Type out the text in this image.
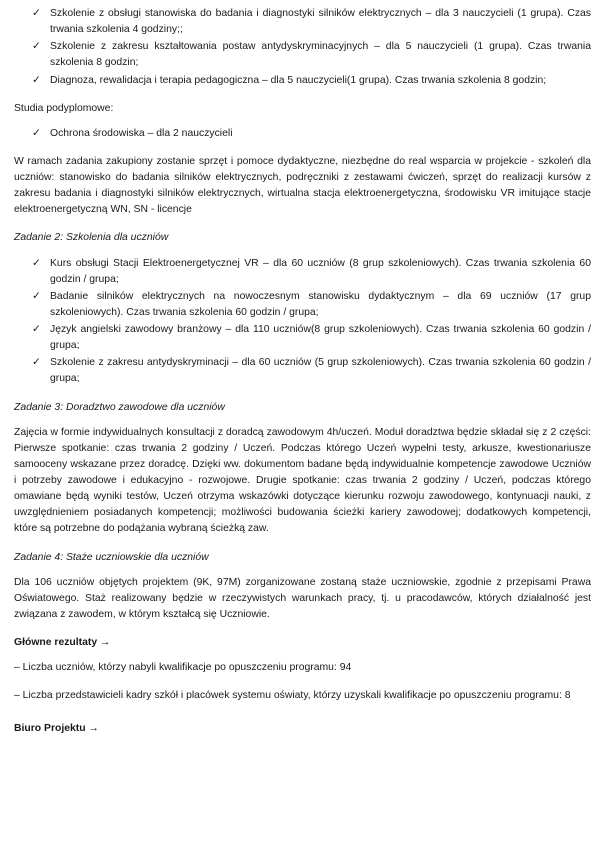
✓ Szkolenie z obsługi stanowiska do badania i diagnostyki silników elektrycznych – dla 3 nauczycieli (1 grupa). Czas trwania szkolenia 4 godziny;;
✓ Szkolenie z zakresu kształtowania postaw antydyskryminacyjnych – dla 5 nauczycieli (1 grupa). Czas trwania szkolenia 8 godzin;
✓ Diagnoza, rewalidacja i terapia pedagogiczna – dla 5 nauczycieli(1 grupa). Czas trwania szkolenia 8 godzin;

Studia podyplomowe:

✓ Ochrona środowiska – dla 2 nauczycieli

W ramach zadania zakupiony zostanie sprzęt i pomoce dydaktyczne, niezbędne do real wsparcia w projekcie - szkoleń dla uczniów: stanowisko do badania silników elektrycznych, podręczniki z zestawami ćwiczeń, sprzęt do realizacji kursów z zakresu badania i diagnostyki silników elektrycznych, wirtualna stacja elektroenergetyczna, środowisku VR imitujące stacje elektroenergetyczną WN, SN - licencje

Zadanie 2: Szkolenia dla uczniów

✓ Kurs obsługi Stacji Elektroenergetycznej VR – dla 60 uczniów (8 grup szkoleniowych). Czas trwania szkolenia 60 godzin / grupa;
✓ Badanie silników elektrycznych na nowoczesnym stanowisku dydaktycznym – dla 69 uczniów (17 grup szkoleniowych). Czas trwania szkolenia 60 godzin / grupa;
✓ Język angielski zawodowy branżowy – dla 110 uczniów(8 grup szkoleniowych). Czas trwania szkolenia 60 godzin / grupa;
✓ Szkolenie z zakresu antydyskryminacji – dla 60 uczniów (5 grup szkoleniowych). Czas trwania szkolenia 60 godzin / grupa;

Zadanie 3: Doradztwo zawodowe dla uczniów

Zajęcia w formie indywidualnych konsultacji z doradcą zawodowym 4h/uczeń. Moduł doradztwa będzie składał się z 2 części: Pierwsze spotkanie: czas trwania 2 godziny / Uczeń. Podczas którego Uczeń wypełni testy, arkusze, kwestionariusze samooceny wskazane przez doradcę. Dzięki ww. dokumentom badane będą indywidualnie kompetencje zawodowe Uczniów i potrzeby zawodowe i edukacyjno - rozwojowe. Drugie spotkanie: czas trwania 2 godziny / Uczeń, podczas którego omawiane będą wyniki testów, Uczeń otrzyma wskazówki dotyczące kierunku rozwoju zawodowego, kontynuacji nauki, z uwzględnieniem posiadanych kompetencji; możliwości budowania ścieżki kariery zawodowej; dodatkowych kompetencji, które są potrzebne do podążania wybraną ścieżką zaw.

Zadanie 4: Staże uczniowskie dla uczniów

Dla 106 uczniów objętych projektem (9K, 97M) zorganizowane zostaną staże uczniowskie, zgodnie z przepisami Prawa Oświatowego. Staż realizowany będzie w rzeczywistych warunkach pracy, tj. u pracodawców, których działalność jest związana z zawodem, w którym kształcą się Uczniowie.

Główne rezultaty →

– Liczba uczniów, którzy nabyli kwalifikacje po opuszczeniu programu: 94

– Liczba przedstawicieli kadry szkół i placówek systemu oświaty, którzy uzyskali kwalifikacje po opuszczeniu programu: 8

Biuro Projektu →
